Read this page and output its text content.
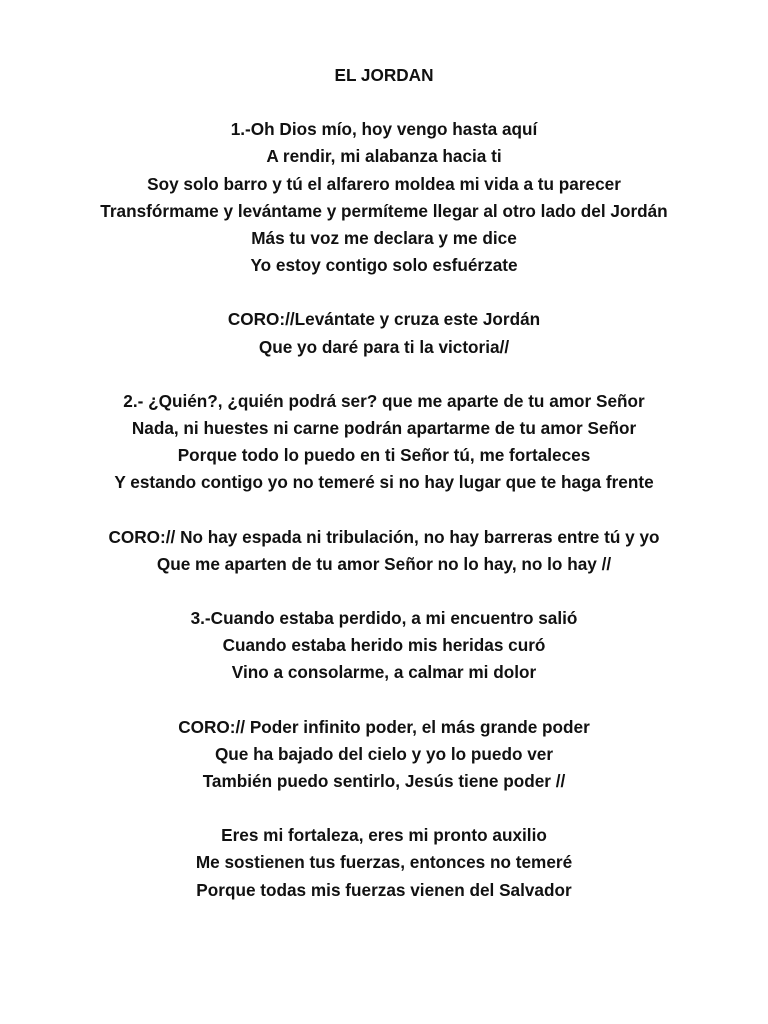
EL JORDAN
1.-Oh Dios mío, hoy vengo hasta aquí
A rendir, mi alabanza hacia ti
Soy solo barro y tú el alfarero moldea mi vida a tu parecer
Transfórmame y levántame y permíteme llegar al otro lado del Jordán
Más tu voz me declara y me dice
Yo estoy contigo solo esfuérzate
CORO://Levántate y cruza este Jordán
Que yo daré para ti la victoria//
2.- ¿Quién?, ¿quién podrá ser? que me aparte de tu amor Señor
Nada, ni huestes ni carne podrán apartarme de tu amor Señor
Porque todo lo puedo en ti Señor tú, me fortaleces
Y estando contigo yo no temeré si no hay lugar que te haga frente
CORO:// No hay espada ni tribulación, no hay barreras entre tú y yo
Que me aparten de tu amor Señor no lo hay, no lo hay //
3.-Cuando estaba perdido, a mi encuentro salió
Cuando estaba herido mis heridas curó
Vino a consolarme, a calmar mi dolor
CORO:// Poder infinito poder, el más grande poder
Que ha bajado del cielo y yo lo puedo ver
También puedo sentirlo, Jesús tiene poder //
Eres mi fortaleza, eres mi pronto auxilio
Me sostienen tus fuerzas, entonces no temeré
Porque todas mis fuerzas vienen del Salvador
